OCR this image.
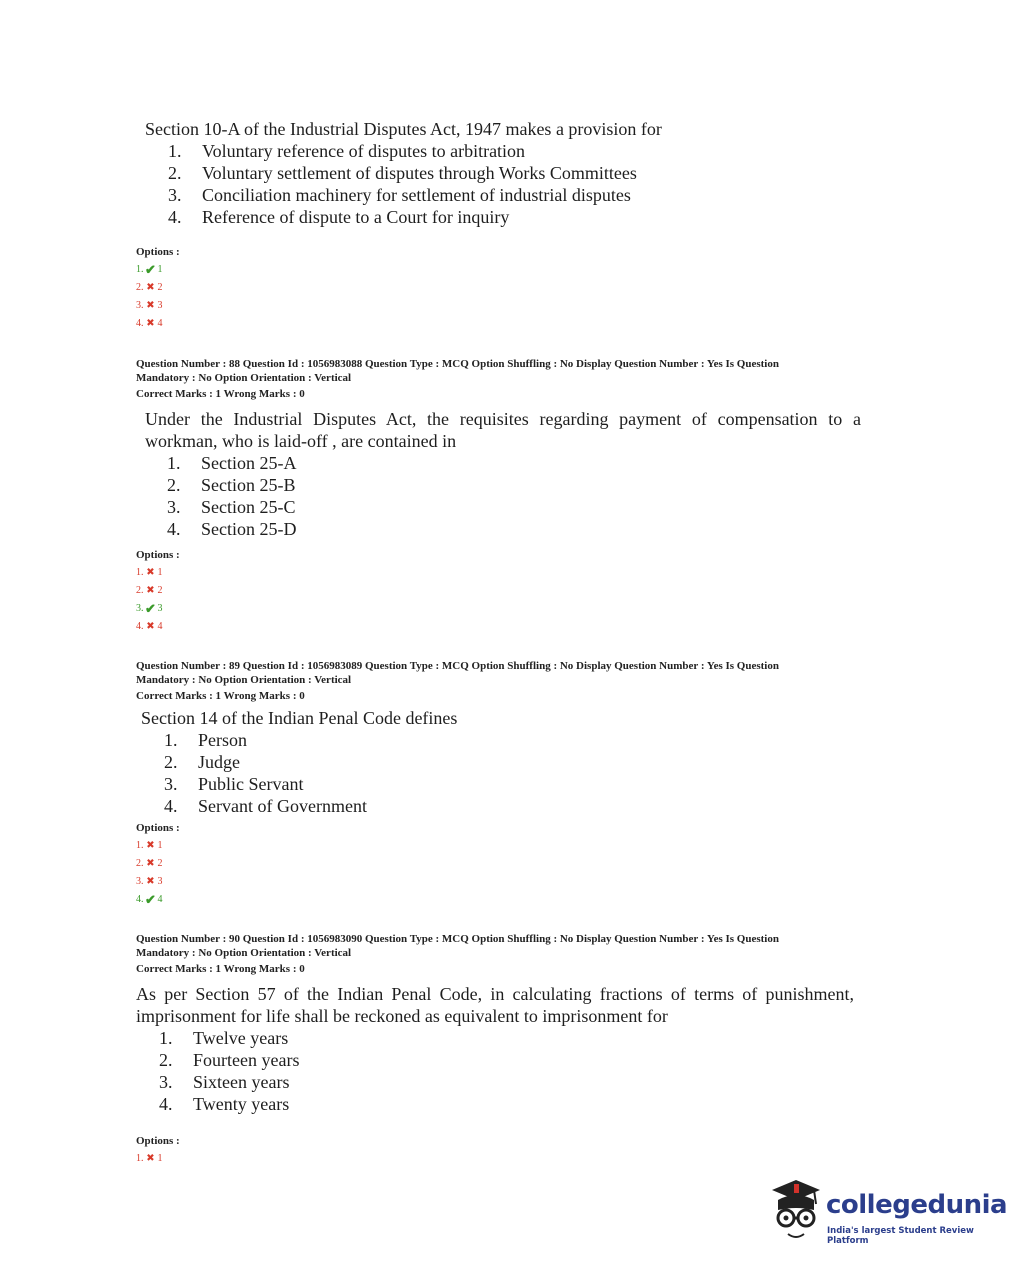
Section 10-A of the Industrial Disputes Act, 1947 makes a provision for
1.	Voluntary reference of disputes to arbitration
2.	Voluntary settlement of disputes through Works Committees
3.	Conciliation machinery for settlement of industrial disputes
4.	Reference of dispute to a Court for inquiry
Options :
1. ✔ 1
2. ✖ 2
3. ✖ 3
4. ✖ 4
Question Number : 88 Question Id : 1056983088 Question Type : MCQ Option Shuffling : No Display Question Number : Yes Is Question
Mandatory : No Option Orientation : Vertical
Correct Marks : 1 Wrong Marks : 0
Under the Industrial Disputes Act, the requisites regarding payment of compensation to a workman, who is laid-off , are contained in
1.	Section 25-A
2.	Section 25-B
3.	Section 25-C
4.	Section 25-D
Options :
1. ✖ 1
2. ✖ 2
3. ✔ 3
4. ✖ 4
Question Number : 89 Question Id : 1056983089 Question Type : MCQ Option Shuffling : No Display Question Number : Yes Is Question
Mandatory : No Option Orientation : Vertical
Correct Marks : 1 Wrong Marks : 0
Section 14 of the Indian Penal Code defines
1.	Person
2.	Judge
3.	Public Servant
4.	Servant of Government
Options :
1. ✖ 1
2. ✖ 2
3. ✖ 3
4. ✔ 4
Question Number : 90 Question Id : 1056983090 Question Type : MCQ Option Shuffling : No Display Question Number : Yes Is Question
Mandatory : No Option Orientation : Vertical
Correct Marks : 1 Wrong Marks : 0
As per Section 57 of the Indian Penal Code, in calculating fractions of terms of punishment, imprisonment for life shall be reckoned as equivalent to imprisonment for
1.	Twelve years
2.	Fourteen years
3.	Sixteen years
4.	Twenty years
Options :
1. ✖ 1
collegedunia
India's largest Student Review Platform
